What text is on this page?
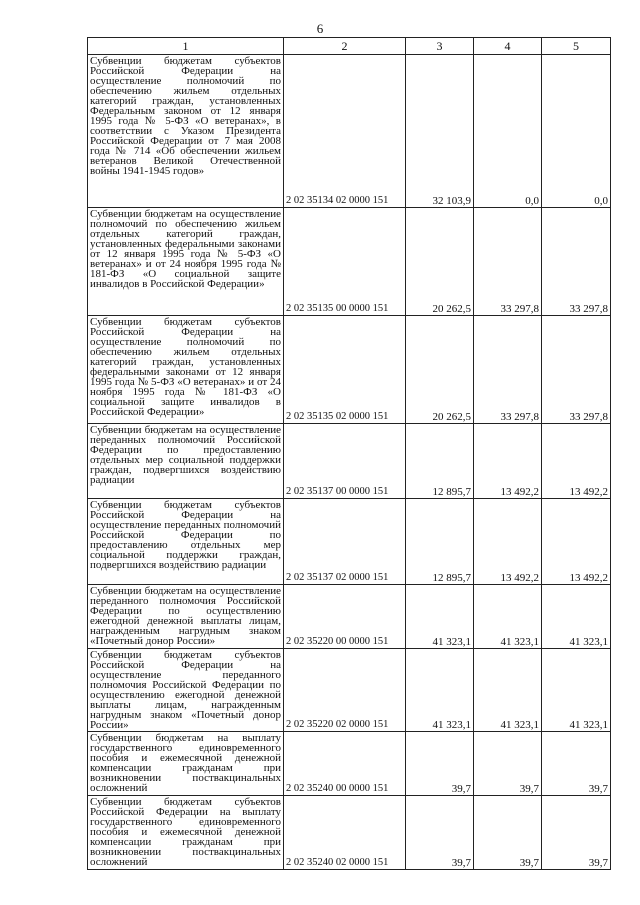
6
1	2	3	4	5
Субвенции бюджетам субъектов Российской Федерации на осуществление полномочий по обеспечению жильем отдельных категорий граждан, установленных Федеральным законом от 12 января 1995 года № 5-ФЗ «О ветеранах», в соответствии с Указом Президента Российской Федерации от 7 мая 2008 года № 714 «Об обеспечении жильем ветеранов Великой Отечественной войны 1941-1945 годов»	2 02 35134 02 0000 151	32 103,9	0,0	0,0
Субвенции бюджетам на осуществление полномочий по обеспечению жильем отдельных категорий граждан, установленных федеральными законами от 12 января 1995 года № 5-ФЗ «О ветеранах» и от 24 ноября 1995 года № 181-ФЗ «О социальной защите инвалидов в Российской Федерации»	2 02 35135 00 0000 151	20 262,5	33 297,8	33 297,8
Субвенции бюджетам субъектов Российской Федерации на осуществление полномочий по обеспечению жильем отдельных категорий граждан, установленных федеральными законами от 12 января 1995 года № 5-ФЗ «О ветеранах» и от 24 ноября 1995 года № 181-ФЗ «О социальной защите инвалидов в Российской Федерации»	2 02 35135 02 0000 151	20 262,5	33 297,8	33 297,8
Субвенции бюджетам на осуществление переданных полномочий Российской Федерации по предоставлению отдельных мер социальной поддержки граждан, подвергшихся воздействию радиации	2 02 35137 00 0000 151	12 895,7	13 492,2	13 492,2
Субвенции бюджетам субъектов Российской Федерации на осуществление переданных полномочий Российской Федерации по предоставлению отдельных мер социальной поддержки граждан, подвергшихся воздействию радиации	2 02 35137 02 0000 151	12 895,7	13 492,2	13 492,2
Субвенции бюджетам на осуществление переданного полномочия Российской Федерации по осуществлению ежегодной денежной выплаты лицам, награжденным нагрудным знаком «Почетный донор России»	2 02 35220 00 0000 151	41 323,1	41 323,1	41 323,1
Субвенции бюджетам субъектов Российской Федерации на осуществление переданного полномочия Российской Федерации по осуществлению ежегодной денежной выплаты лицам, награжденным нагрудным знаком «Почетный донор России»	2 02 35220 02 0000 151	41 323,1	41 323,1	41 323,1
Субвенции бюджетам на выплату государственного единовременного пособия и ежемесячной денежной компенсации гражданам при возникновении поствакцинальных осложнений	2 02 35240 00 0000 151	39,7	39,7	39,7
Субвенции бюджетам субъектов Российской Федерации на выплату государственного единовременного пособия и ежемесячной денежной компенсации гражданам при возникновении поствакцинальных осложнений	2 02 35240 02 0000 151	39,7	39,7	39,7
